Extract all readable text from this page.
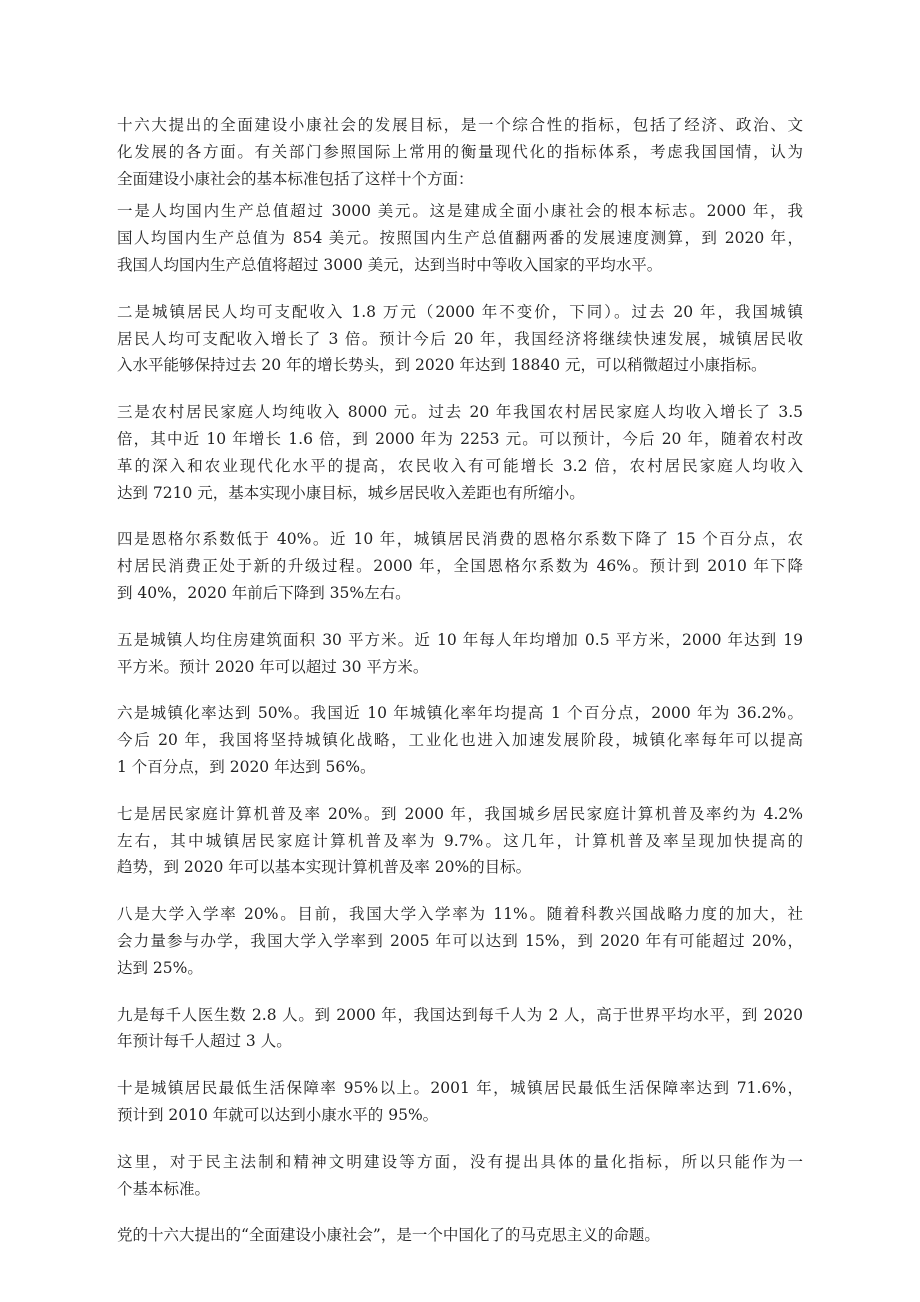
十六大提出的全面建设小康社会的发展目标，是一个综合性的指标，包括了经济、政治、文
化发展的各方面。有关部门参照国际上常用的衡量现代化的指标体系，考虑我国国情，认为
全面建设小康社会的基本标准包括了这样十个方面：
一是人均国内生产总值超过 3000 美元。这是建成全面小康社会的根本标志。2000 年，我
国人均国内生产总值为 854 美元。按照国内生产总值翻两番的发展速度测算，到 2020 年，
我国人均国内生产总值将超过 3000 美元，达到当时中等收入国家的平均水平。
二是城镇居民人均可支配收入 1.8 万元（2000 年不变价，下同）。过去 20 年，我国城镇
居民人均可支配收入增长了 3 倍。预计今后 20 年，我国经济将继续快速发展，城镇居民收
入水平能够保持过去 20 年的增长势头，到 2020 年达到 18840 元，可以稍微超过小康指标。
三是农村居民家庭人均纯收入 8000 元。过去 20 年我国农村居民家庭人均收入增长了 3.5
倍，其中近 10 年增长 1.6 倍，到 2000 年为 2253 元。可以预计，今后 20 年，随着农村改
革的深入和农业现代化水平的提高，农民收入有可能增长 3.2 倍，农村居民家庭人均收入
达到 7210 元，基本实现小康目标，城乡居民收入差距也有所缩小。
四是恩格尔系数低于 40%。近 10 年，城镇居民消费的恩格尔系数下降了 15 个百分点，农
村居民消费正处于新的升级过程。2000 年，全国恩格尔系数为 46%。预计到 2010 年下降
到 40%，2020 年前后下降到 35%左右。
五是城镇人均住房建筑面积 30 平方米。近 10 年每人年均增加 0.5 平方米，2000 年达到 19
平方米。预计 2020 年可以超过 30 平方米。
六是城镇化率达到 50%。我国近 10 年城镇化率年均提高 1 个百分点，2000 年为 36.2%。
今后 20 年，我国将坚持城镇化战略，工业化也进入加速发展阶段，城镇化率每年可以提高
1 个百分点，到 2020 年达到 56%。
七是居民家庭计算机普及率 20%。到 2000 年，我国城乡居民家庭计算机普及率约为 4.2%
左右，其中城镇居民家庭计算机普及率为 9.7%。这几年，计算机普及率呈现加快提高的
趋势，到 2020 年可以基本实现计算机普及率 20%的目标。
八是大学入学率 20%。目前，我国大学入学率为 11%。随着科教兴国战略力度的加大，社
会力量参与办学，我国大学入学率到 2005 年可以达到 15%，到 2020 年有可能超过 20%，
达到 25%。
九是每千人医生数 2.8 人。到 2000 年，我国达到每千人为 2 人，高于世界平均水平，到 2020
年预计每千人超过 3 人。
十是城镇居民最低生活保障率 95%以上。2001 年，城镇居民最低生活保障率达到 71.6%，
预计到 2010 年就可以达到小康水平的 95%。
这里，对于民主法制和精神文明建设等方面，没有提出具体的量化指标，所以只能作为一
个基本标准。
党的十六大提出的“全面建设小康社会”，是一个中国化了的马克思主义的命题。
